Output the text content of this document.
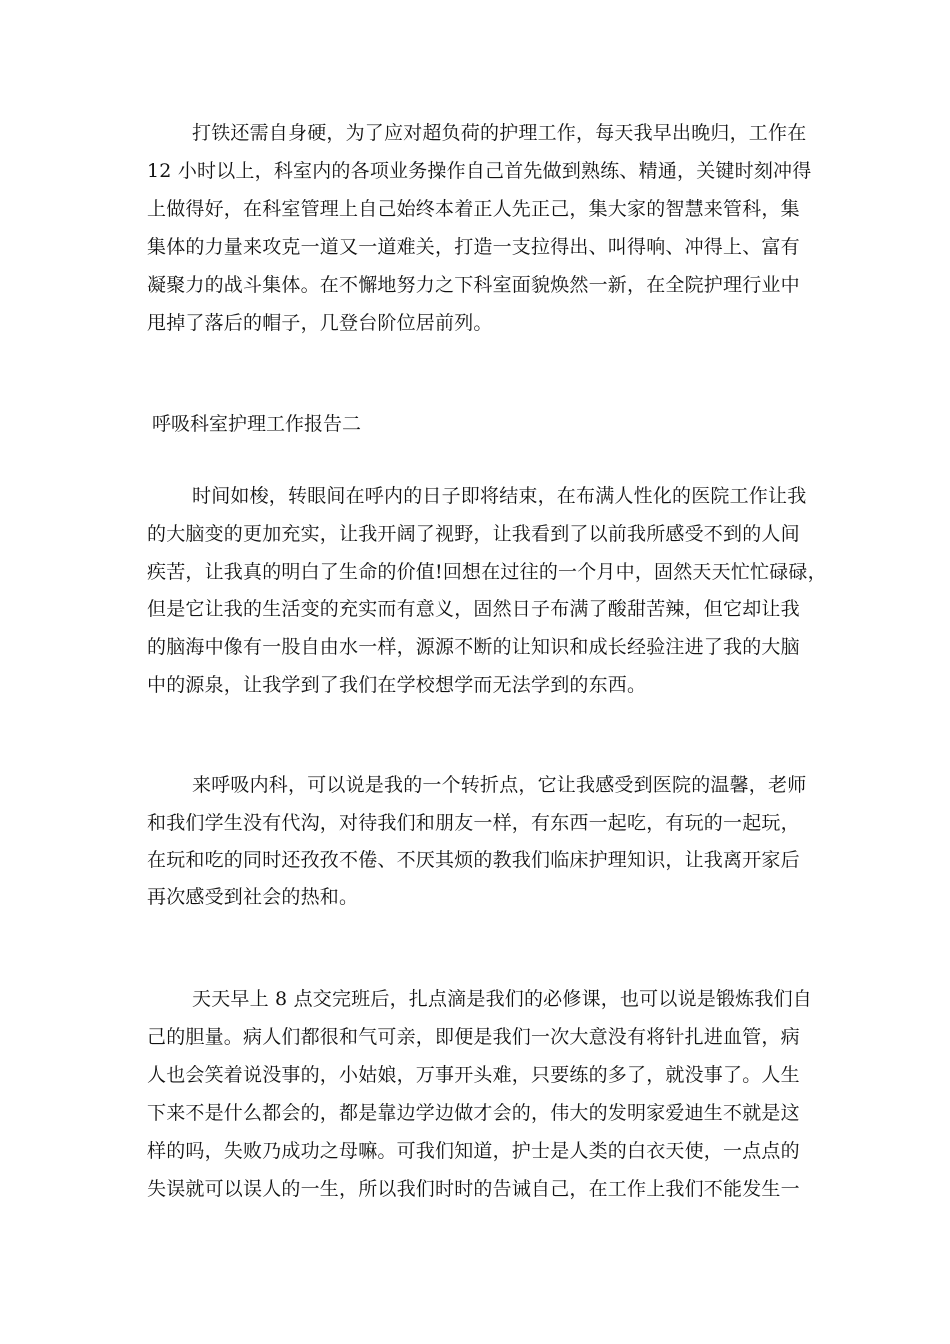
打铁还需自身硬，为了应对超负荷的护理工作，每天我早出晚归，工作在
12 小时以上，科室内的各项业务操作自己首先做到熟练、精通，关键时刻冲得
上做得好，在科室管理上自己始终本着正人先正己，集大家的智慧来管科，集
集体的力量来攻克一道又一道难关，打造一支拉得出、叫得响、冲得上、富有
凝聚力的战斗集体。在不懈地努力之下科室面貌焕然一新，在全院护理行业中
甩掉了落后的帽子，几登台阶位居前列。
呼吸科室护理工作报告二
时间如梭，转眼间在呼内的日子即将结束，在布满人性化的医院工作让我
的大脑变的更加充实，让我开阔了视野，让我看到了以前我所感受不到的人间
疾苦，让我真的明白了生命的价值!回想在过往的一个月中，固然天天忙忙碌碌，
但是它让我的生活变的充实而有意义，固然日子布满了酸甜苦辣，但它却让我
的脑海中像有一股自由水一样，源源不断的让知识和成长经验注进了我的大脑
中的源泉，让我学到了我们在学校想学而无法学到的东西。
来呼吸内科，可以说是我的一个转折点，它让我感受到医院的温馨，老师
和我们学生没有代沟，对待我们和朋友一样，有东西一起吃，有玩的一起玩，
在玩和吃的同时还孜孜不倦、不厌其烦的教我们临床护理知识，让我离开家后
再次感受到社会的热和。
天天早上 8 点交完班后，扎点滴是我们的必修课，也可以说是锻炼我们自
己的胆量。病人们都很和气可亲，即便是我们一次大意没有将针扎进血管，病
人也会笑着说没事的，小姑娘，万事开头难，只要练的多了，就没事了。人生
下来不是什么都会的，都是靠边学边做才会的，伟大的发明家爱迪生不就是这
样的吗，失败乃成功之母嘛。可我们知道，护士是人类的白衣天使，一点点的
失误就可以误人的一生，所以我们时时的告诫自己，在工作上我们不能发生一
